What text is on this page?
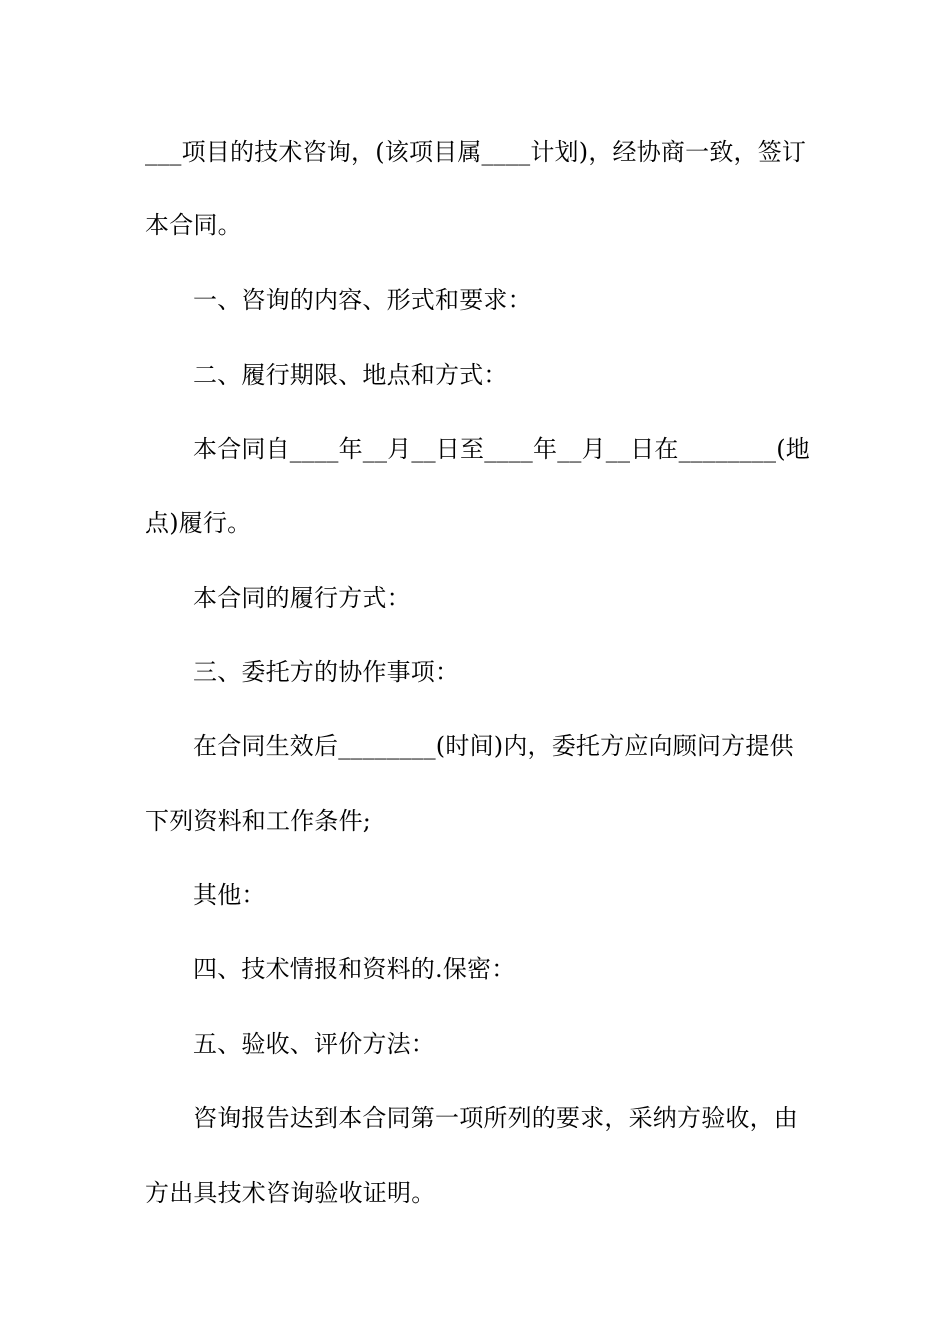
___项目的技术咨询，(该项目属____计划)，经协商一致，签订
本合同。
一、咨询的内容、形式和要求：
二、履行期限、地点和方式：
本合同自____年__月__日至____年__月__日在________(地
点)履行。
本合同的履行方式：
三、委托方的协作事项：
在合同生效后________(时间)内，委托方应向顾问方提供
下列资料和工作条件;
其他：
四、技术情报和资料的.保密：
五、验收、评价方法：
咨询报告达到本合同第一项所列的要求，采纳方验收，由
方出具技术咨询验收证明。
